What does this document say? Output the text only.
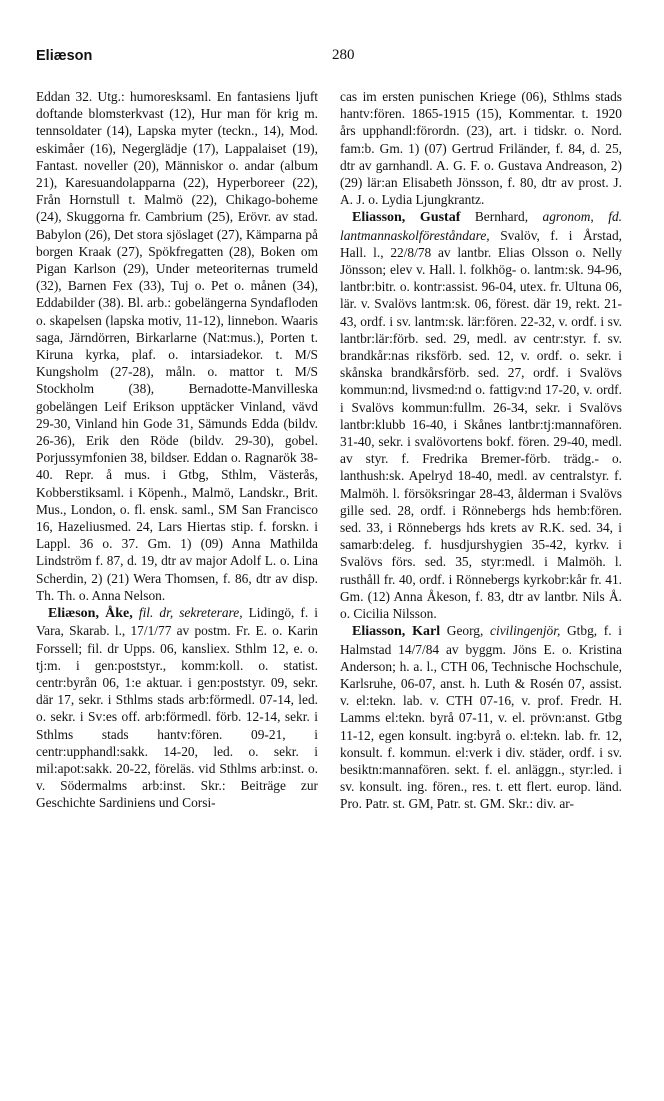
Eliæson	280

Eddan 32. Utg.: humoresksaml. En fantasiens ljuft doftande blomsterkvast (12), Hur man för krig m. tennsoldater (14), Lapska myter (teckn., 14), Mod. eskimåer (16), Negerglädje (17), Lappalaiset (19), Fantast. noveller (20), Människor o. andar (album 21), Karesuandolapparna (22), Hyperboreer (22), Från Hornstull t. Malmö (22), Chikago-boheme (24), Skuggorna fr. Cambrium (25), Erövr. av stad. Babylon (26), Det stora sjöslaget (27), Kämparna på borgen Kraak (27), Spökfregatten (28), Boken om Pigan Karlson (29), Under meteoriternas trumeld (32), Barnen Fex (33), Tuj o. Pet o. månen (34), Eddabilder (38). Bl. arb.: gobelängerna Syndafloden o. skapelsen (lapska motiv, 11-12), linnebon. Waaris saga, Järndörren, Birkarlarne (Nat:mus.), Porten t. Kiruna kyrka, plaf. o. intarsiadekor. t. M/S Kungsholm (27-28), måln. o. mattor t. M/S Stockholm (38), Bernadotte-Manvilleska gobelängen Leif Erikson upptäcker Vinland, vävd 29-30, Vinland hin Gode 31, Sämunds Edda (bildv. 26-36), Erik den Röde (bildv. 29-30), gobel. Porjussymfonien 38, bildser. Eddan o. Ragnarök 38-40. Repr. å mus. i Gtbg, Sthlm, Västerås, Kobberstiksaml. i Köpenh., Malmö, Landskr., Brit. Mus., London, o. fl. ensk. saml., SM San Francisco 16, Hazeliusmed. 24, Lars Hiertas stip. f. forskn. i Lappl. 36 o. 37. Gm. 1) (09) Anna Mathilda Lindström f. 87, d. 19, dtr av major Adolf L. o. Lina Scherdin, 2) (21) Wera Thomsen, f. 86, dtr av disp. Th. Th. o. Anna Nelson.

Eliæson, Åke, fil. dr, sekreterare, Lidingö, f. i Vara, Skarab. l., 17/1/77 av postm. Fr. E. o. Karin Forssell; fil. dr Upps. 06, kansliex. Sthlm 12, e. o. tj:m. i gen:poststyr., komm:koll. o. statist. centr:byrån 06, 1:e aktuar. i gen:poststyr. 09, sekr. där 17, sekr. i Sthlms stads arb:förmedl. 07-14, led. o. sekr. i Sv:es off. arb:förmedl. förb. 12-14, sekr. i Sthlms stads hantv:fören. 09-21, i centr:upphandl:sakk. 14-20, led. o. sekr. i mil:apot:sakk. 20-22, föreläs. vid Sthlms arb:inst. o. v. Södermalms arb:inst. Skr.: Beiträge zur Geschichte Sardiniens und Corsi-

cas im ersten punischen Kriege (06), Sthlms stads hantv:fören. 1865-1915 (15), Kommentar. t. 1920 års upphandl:förordn. (23), art. i tidskr. o. Nord. fam:b. Gm. 1) (07) Gertrud Friländer, f. 84, d. 25, dtr av garnhandl. A. G. F. o. Gustava Andreason, 2) (29) lär:an Elisabeth Jönsson, f. 80, dtr av prost. J. A. J. o. Lydia Ljungkrantz.

Eliasson, Gustaf Bernhard, agronom, fd. lantmannaskolföreståndare, Svalöv, f. i Årstad, Hall. l., 22/8/78 av lantbr. Elias Olsson o. Nelly Jönsson; elev v. Hall. l. folkhög- o. lantm:sk. 94-96, lantbr:bitr. o. kontr:assist. 96-04, utex. fr. Ultuna 06, lär. v. Svalövs lantm:sk. 06, förest. där 19, rekt. 21-43, ordf. i sv. lantm:sk. lär:fören. 22-32, v. ordf. i sv. lantbr:lär:förb. sed. 29, medl. av centr:styr. f. sv. brandkår:nas riksförb. sed. 12, v. ordf. o. sekr. i skånska brandkårsförb. sed. 27, ordf. i Svalövs kommun:nd, livsmed:nd o. fattigv:nd 17-20, v. ordf. i Svalövs kommun:fullm. 26-34, sekr. i Svalövs lantbr:klubb 16-40, i Skånes lantbr:tj:mannafören. 31-40, sekr. i svalövortens bokf. fören. 29-40, medl. av styr. f. Fredrika Bremer-förb. trädg.- o. lanthush:sk. Apelryd 18-40, medl. av centralstyr. f. Malmöh. l. försöksringar 28-43, ålderman i Svalövs gille sed. 28, ordf. i Rönnebergs hds hemb:fören. sed. 33, i Rönnebergs hds krets av R.K. sed. 34, i samarb:deleg. f. husdjurshygien 35-42, kyrkv. i Svalövs förs. sed. 35, styr:medl. i Malmöh. l. rusthåll fr. 40, ordf. i Rönnebergs kyrkobr:kår fr. 41. Gm. (12) Anna Åkeson, f. 83, dtr av lantbr. Nils Å. o. Cicilia Nilsson.

Eliasson, Karl Georg, civilingenjör, Gtbg, f. i Halmstad 14/7/84 av byggm. Jöns E. o. Kristina Anderson; h. a. l., CTH 06, Technische Hochschule, Karlsruhe, 06-07, anst. h. Luth & Rosén 07, assist. v. el:tekn. lab. v. CTH 07-16, v. prof. Fredr. H. Lamms el:tekn. byrå 07-11, v. el. prövn:anst. Gtbg 11-12, egen konsult. ing:byrå o. el:tekn. lab. fr. 12, konsult. f. kommun. el:verk i div. städer, ordf. i sv. besiktn:mannafören. sekt. f. el. anläggn., styr:led. i sv. konsult. ing. fören., res. t. ett flert. europ. länd. Pro. Patr. st. GM, Patr. st. GM. Skr.: div. ar-
